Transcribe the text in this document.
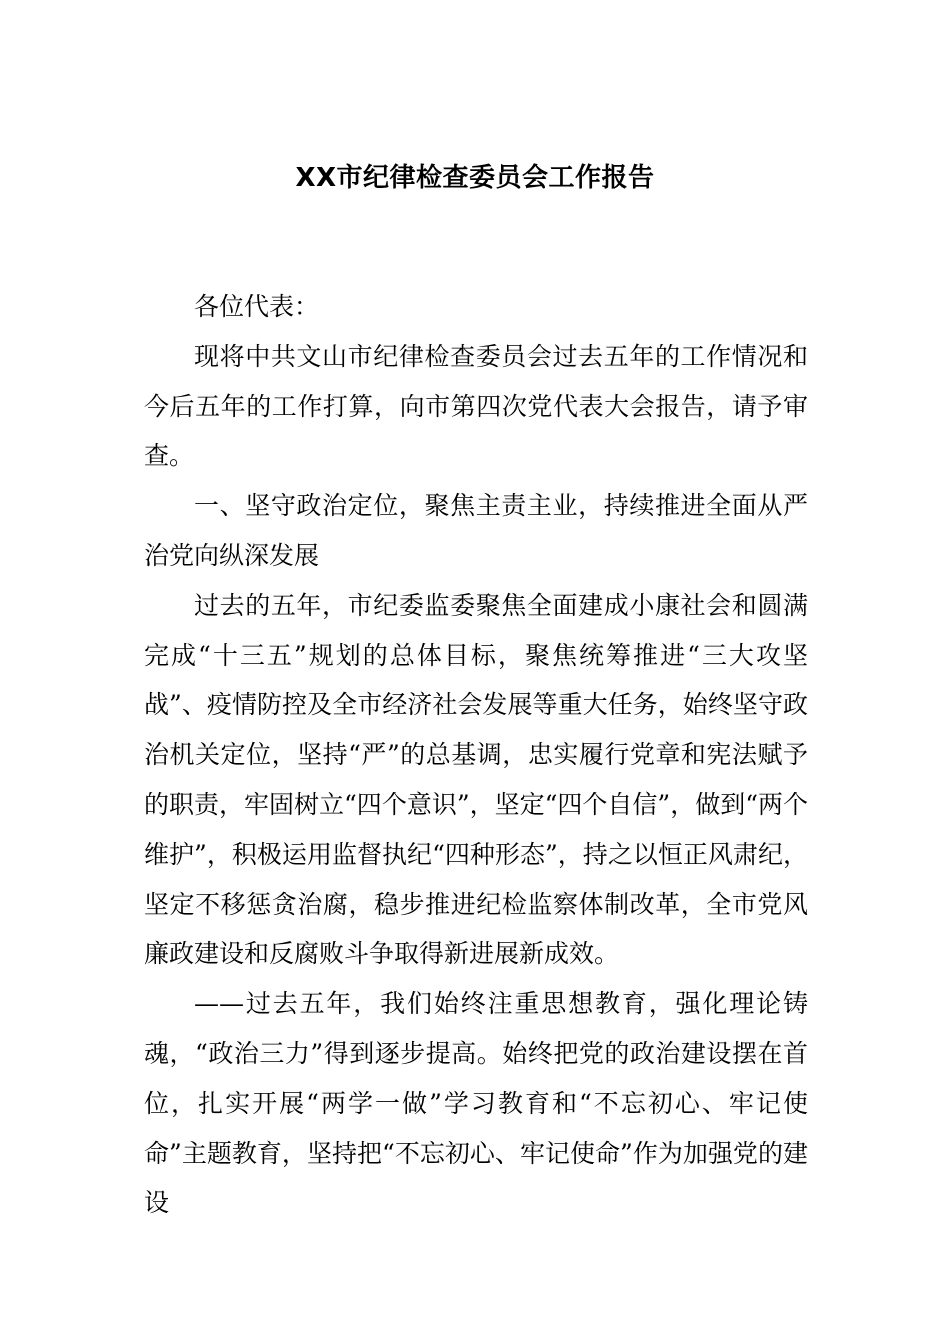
XX市纪律检查委员会工作报告

各位代表：

现将中共文山市纪律检查委员会过去五年的工作情况和今后五年的工作打算，向市第四次党代表大会报告，请予审查。

一、坚守政治定位，聚焦主责主业，持续推进全面从严治党向纵深发展

过去的五年，市纪委监委聚焦全面建成小康社会和圆满完成“十三五”规划的总体目标，聚焦统筹推进“三大攻坚战”、疫情防控及全市经济社会发展等重大任务，始终坚守政治机关定位，坚持“严”的总基调，忠实履行党章和宪法赋予的职责，牢固树立“四个意识”，坚定“四个自信”，做到“两个维护”，积极运用监督执纪“四种形态”，持之以恒正风肃纪，坚定不移惩贪治腐，稳步推进纪检监察体制改革，全市党风廉政建设和反腐败斗争取得新进展新成效。

——过去五年，我们始终注重思想教育，强化理论铸魂，“政治三力”得到逐步提高。始终把党的政治建设摆在首位，扎实开展“两学一做”学习教育和“不忘初心、牢记使命”主题教育，坚持把“不忘初心、牢记使命”作为加强党的建设
